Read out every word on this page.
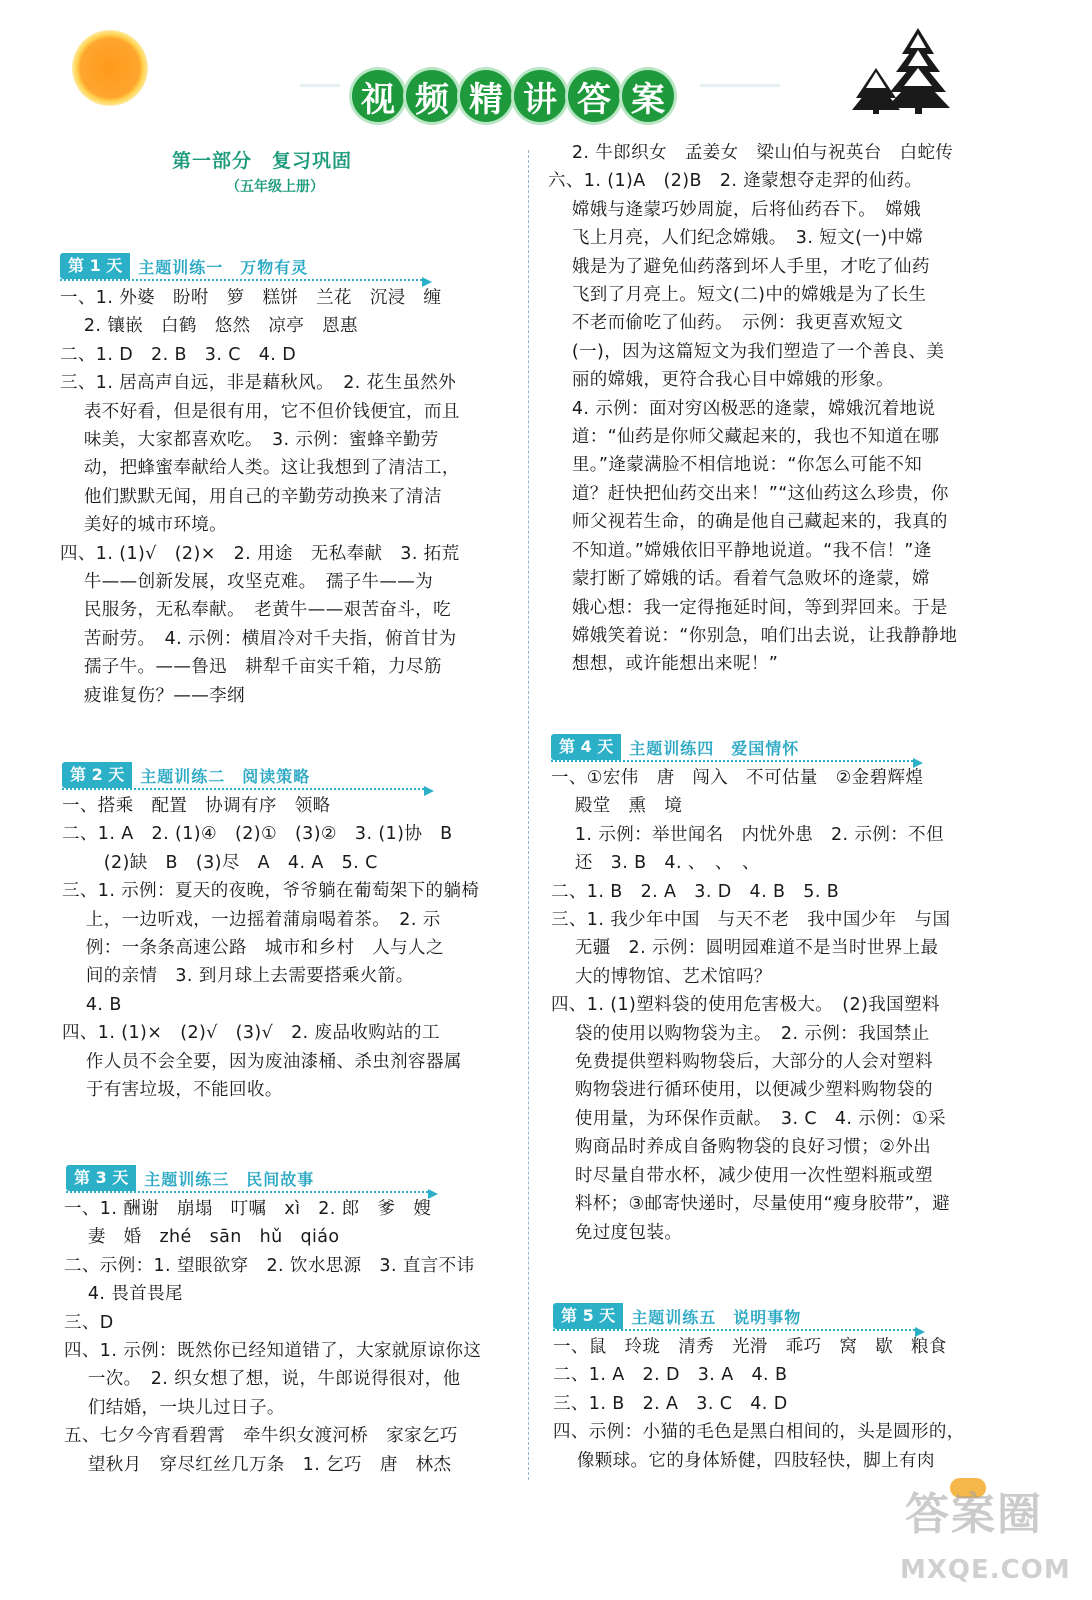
视 频 精 讲 答 案
第一部分　复习巩固
（五年级上册）
第 1 天	主题训练一　万物有灵
第 2 天	主题训练二　阅读策略
第 3 天	主题训练三　民间故事
第 4 天	主题训练四　爱国情怀
第 5 天	主题训练五　说明事物
一、1. 外婆　盼咐　箩　糕饼　兰花　沉浸　缠
　 2. 镶嵌　白鹤　悠然　凉亭　恩惠
二、1. D　2. B　3. C　4. D
三、1. 居高声自远，非是藉秋风。　2. 花生虽然外
　 表不好看，但是很有用，它不但价钱便宜，而且
　 味美，大家都喜欢吃。　3. 示例：蜜蜂辛勤劳
　 动，把蜂蜜奉献给人类。这让我想到了清洁工，
　 他们默默无闻，用自己的辛勤劳动换来了清洁
　 美好的城市环境。
四、1. (1)√　(2)×　2. 用途　无私奉献　3. 拓荒
　 牛——创新发展，攻坚克难。　孺子牛——为
　 民服务，无私奉献。　老黄牛——艰苦奋斗，吃
　 苦耐劳。　4. 示例：横眉冷对千夫指，俯首甘为
　 孺子牛。——鲁迅　耕犁千亩实千箱，力尽筋
　 疲谁复伤？——李纲
一、搭乘　配置　协调有序　领略
二、1. A　2. (1)④　(2)①　(3)②　3. (1)协　B
　 　(2)缺　B　(3)尽　A　4. A　5. C
三、1. 示例：夏天的夜晚，爷爷躺在葡萄架下的躺椅
　 上，一边听戏，一边摇着蒲扇喝着茶。　2. 示
　 例：一条条高速公路　城市和乡村　人与人之
　 间的亲情　3. 到月球上去需要搭乘火箭。
　 4. B
四、1. (1)×　(2)√　(3)√　2. 废品收购站的工
　 作人员不会全要，因为废油漆桶、杀虫剂容器属
　 于有害垃圾，不能回收。
一、1. 酬谢　崩塌　叮嘱　xì　2. 郎　爹　嫂
　 妻　婚　zhé　sān　hǔ　qiáo
二、示例：1. 望眼欲穿　2. 饮水思源　3. 直言不讳
　 4. 畏首畏尾
三、D
四、1. 示例：既然你已经知道错了，大家就原谅你这
　 一次。　2. 织女想了想，说，牛郎说得很对，他
　 们结婚，一块儿过日子。
五、七夕今宵看碧霄　牵牛织女渡河桥　家家乞巧
　 望秋月　穿尽红丝几万条　1. 乞巧　唐　林杰
　 2. 牛郎织女　孟姜女　梁山伯与祝英台　白蛇传
六、1. (1)A　(2)B　2. 逄蒙想夺走羿的仙药。
　 嫦娥与逄蒙巧妙周旋，后将仙药吞下。　嫦娥
　 飞上月亮，人们纪念嫦娥。　3. 短文(一)中嫦
　 娥是为了避免仙药落到坏人手里，才吃了仙药
　 飞到了月亮上。短文(二)中的嫦娥是为了长生
　 不老而偷吃了仙药。　示例：我更喜欢短文
　 (一)，因为这篇短文为我们塑造了一个善良、美
　 丽的嫦娥，更符合我心目中嫦娥的形象。
　 4. 示例：面对穷凶极恶的逄蒙，嫦娥沉着地说
　 道：“仙药是你师父藏起来的，我也不知道在哪
　 里。”逄蒙满脸不相信地说：“你怎么可能不知
　 道？赶快把仙药交出来！”“这仙药这么珍贵，你
　 师父视若生命，的确是他自己藏起来的，我真的
　 不知道。”嫦娥依旧平静地说道。“我不信！”逄
　 蒙打断了嫦娥的话。看着气急败坏的逄蒙，嫦
　 娥心想：我一定得拖延时间，等到羿回来。于是
　 嫦娥笑着说：“你别急，咱们出去说，让我静静地
　 想想，或许能想出来呢！”
一、①宏伟　唐　闯入　不可估量　②金碧辉煌
　 殿堂　熏　境
　 1. 示例：举世闻名　内忧外患　2. 示例：不但
　 还　3. B　4. 、　、　、
二、1. B　2. A　3. D　4. B　5. B
三、1. 我少年中国　与天不老　我中国少年　与国
　 无疆　2. 示例：圆明园难道不是当时世界上最
　 大的博物馆、艺术馆吗？
四、1. (1)塑料袋的使用危害极大。　(2)我国塑料
　 袋的使用以购物袋为主。　2. 示例：我国禁止
　 免费提供塑料购物袋后，大部分的人会对塑料
　 购物袋进行循环使用，以便减少塑料购物袋的
　 使用量，为环保作贡献。　3. C　4. 示例：①采
　 购商品时养成自备购物袋的良好习惯；②外出
　 时尽量自带水杯，减少使用一次性塑料瓶或塑
　 料杯；③邮寄快递时，尽量使用“瘦身胶带”，避
　 免过度包装。
一、鼠　玲珑　清秀　光滑　乖巧　窝　歇　粮食
二、1. A　2. D　3. A　4. B
三、1. B　2. A　3. C　4. D
四、示例：小猫的毛色是黑白相间的，头是圆形的，
　 像颗球。它的身体矫健，四肢轻快，脚上有肉
答案圈
MXQE.COM
